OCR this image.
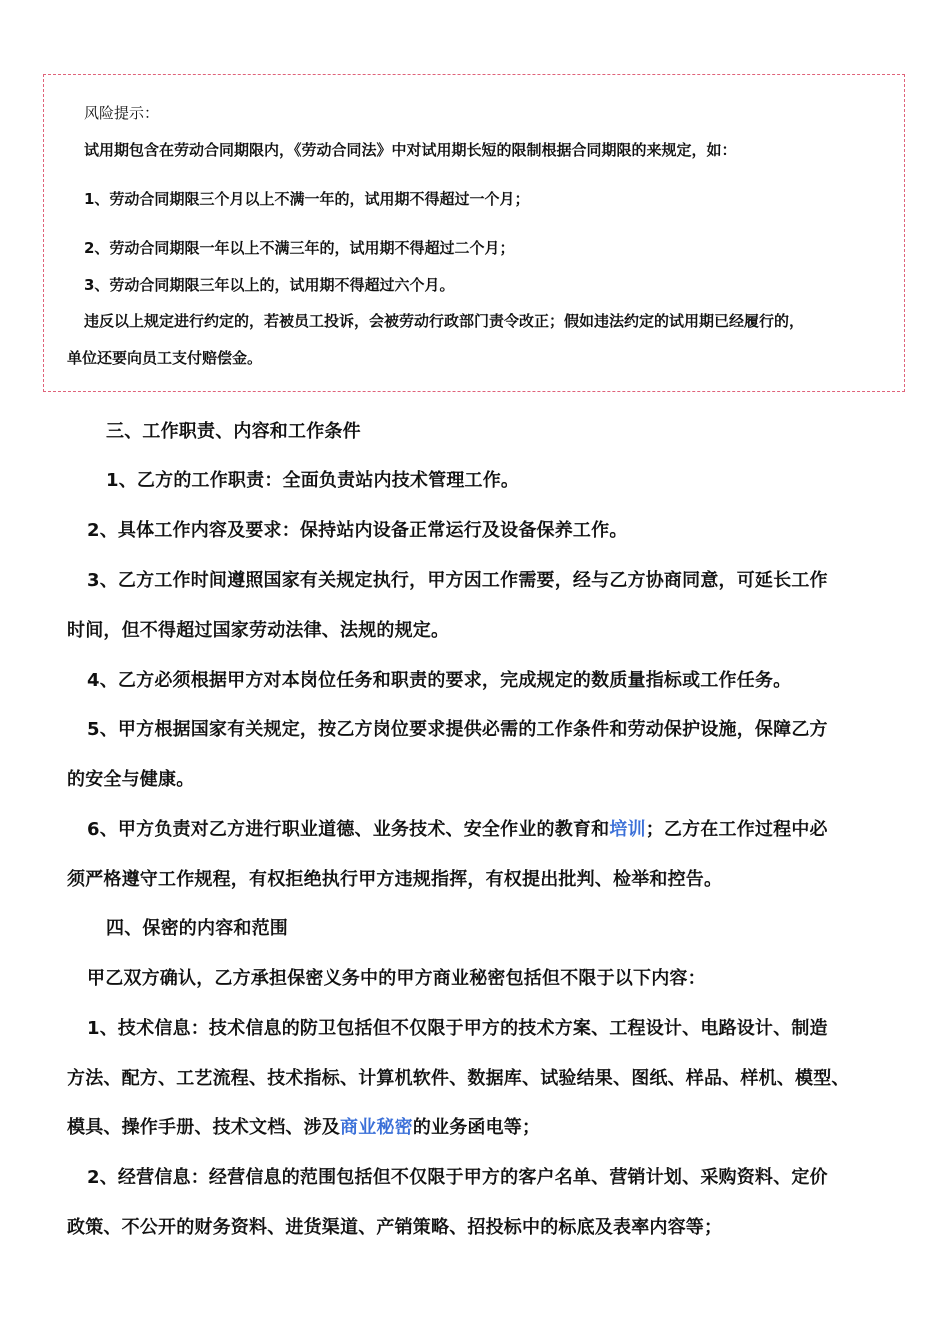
风险提示：
试用期包含在劳动合同期限内，《劳动合同法》中对试用期长短的限制根据合同期限的来规定，如：
1、劳动合同期限三个月以上不满一年的，试用期不得超过一个月；
2、劳动合同期限一年以上不满三年的，试用期不得超过二个月；
3、劳动合同期限三年以上的，试用期不得超过六个月。
违反以上规定进行约定的，若被员工投诉，会被劳动行政部门责令改正；假如违法约定的试用期已经履行的，
单位还要向员工支付赔偿金。
三、工作职责、内容和工作条件
1、乙方的工作职责：全面负责站内技术管理工作。
2、具体工作内容及要求：保持站内设备正常运行及设备保养工作。
3、乙方工作时间遵照国家有关规定执行，甲方因工作需要，经与乙方协商同意，可延长工作
时间，但不得超过国家劳动法律、法规的规定。
4、乙方必须根据甲方对本岗位任务和职责的要求，完成规定的数质量指标或工作任务。
5、甲方根据国家有关规定，按乙方岗位要求提供必需的工作条件和劳动保护设施，保障乙方
的安全与健康。
6、甲方负责对乙方进行职业道德、业务技术、安全作业的教育和培训；乙方在工作过程中必
须严格遵守工作规程，有权拒绝执行甲方违规指挥，有权提出批判、检举和控告。
四、保密的内容和范围
甲乙双方确认，乙方承担保密义务中的甲方商业秘密包括但不限于以下内容：
1、技术信息：技术信息的防卫包括但不仅限于甲方的技术方案、工程设计、电路设计、制造
方法、配方、工艺流程、技术指标、计算机软件、数据库、试验结果、图纸、样品、样机、模型、
模具、操作手册、技术文档、涉及商业秘密的业务函电等；
2、经营信息：经营信息的范围包括但不仅限于甲方的客户名单、营销计划、采购资料、定价
政策、不公开的财务资料、进货渠道、产销策略、招投标中的标底及表率内容等；
